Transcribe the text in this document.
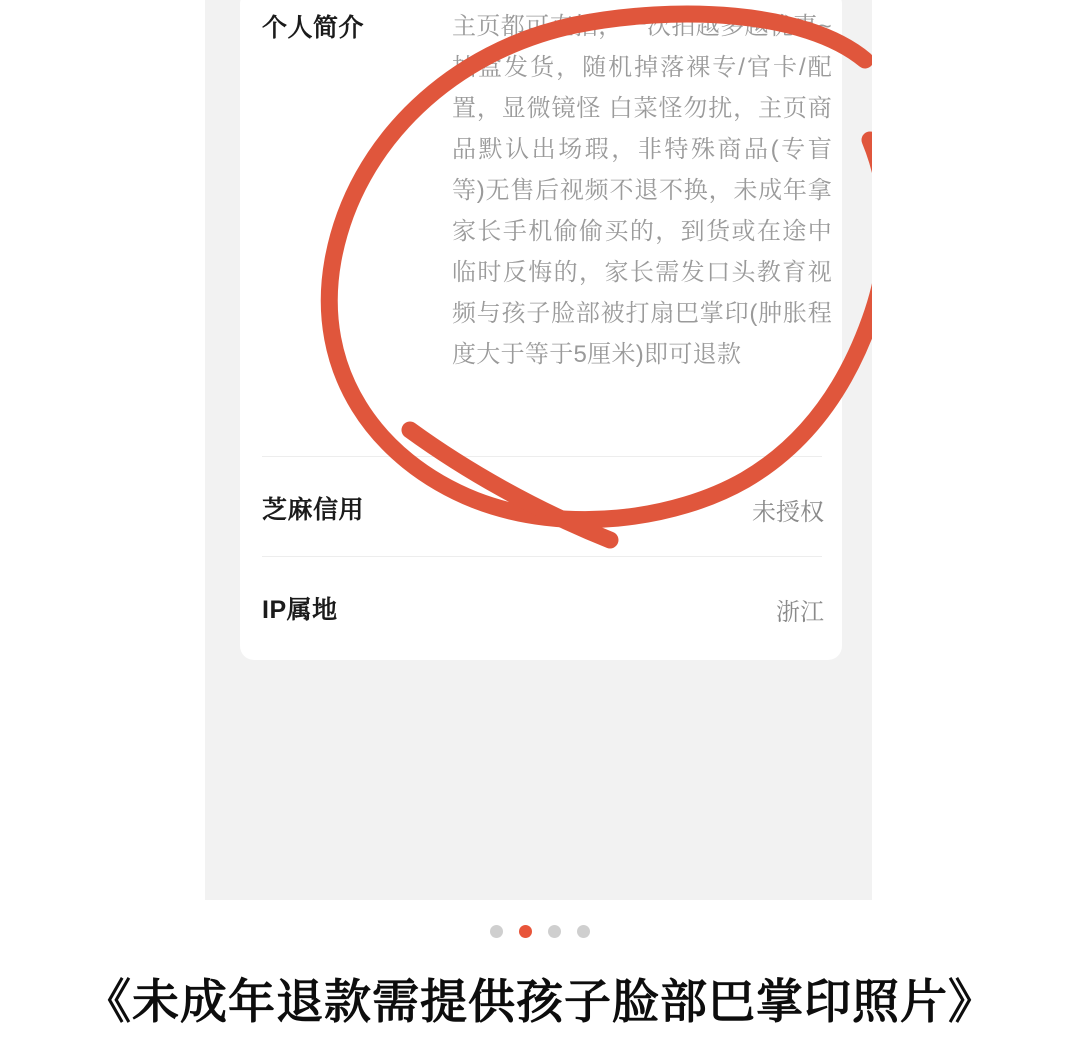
个人简介	主页都可直拍，一次拍越多越优惠~抽盒发货，随机掉落裸专/官卡/配置，显微镜怪 白菜怪勿扰，主页商品默认出场瑕，非特殊商品(专盲等)无售后视频不退不换，未成年拿家长手机偷偷买的，到货或在途中临时反悔的，家长需发口头教育视频与孩子脸部被打扇巴掌印(肿胀程度大于等于5厘米)即可退款
芝麻信用	未授权
IP属地	浙江
《未成年退款需提供孩子脸部巴掌印照片》
